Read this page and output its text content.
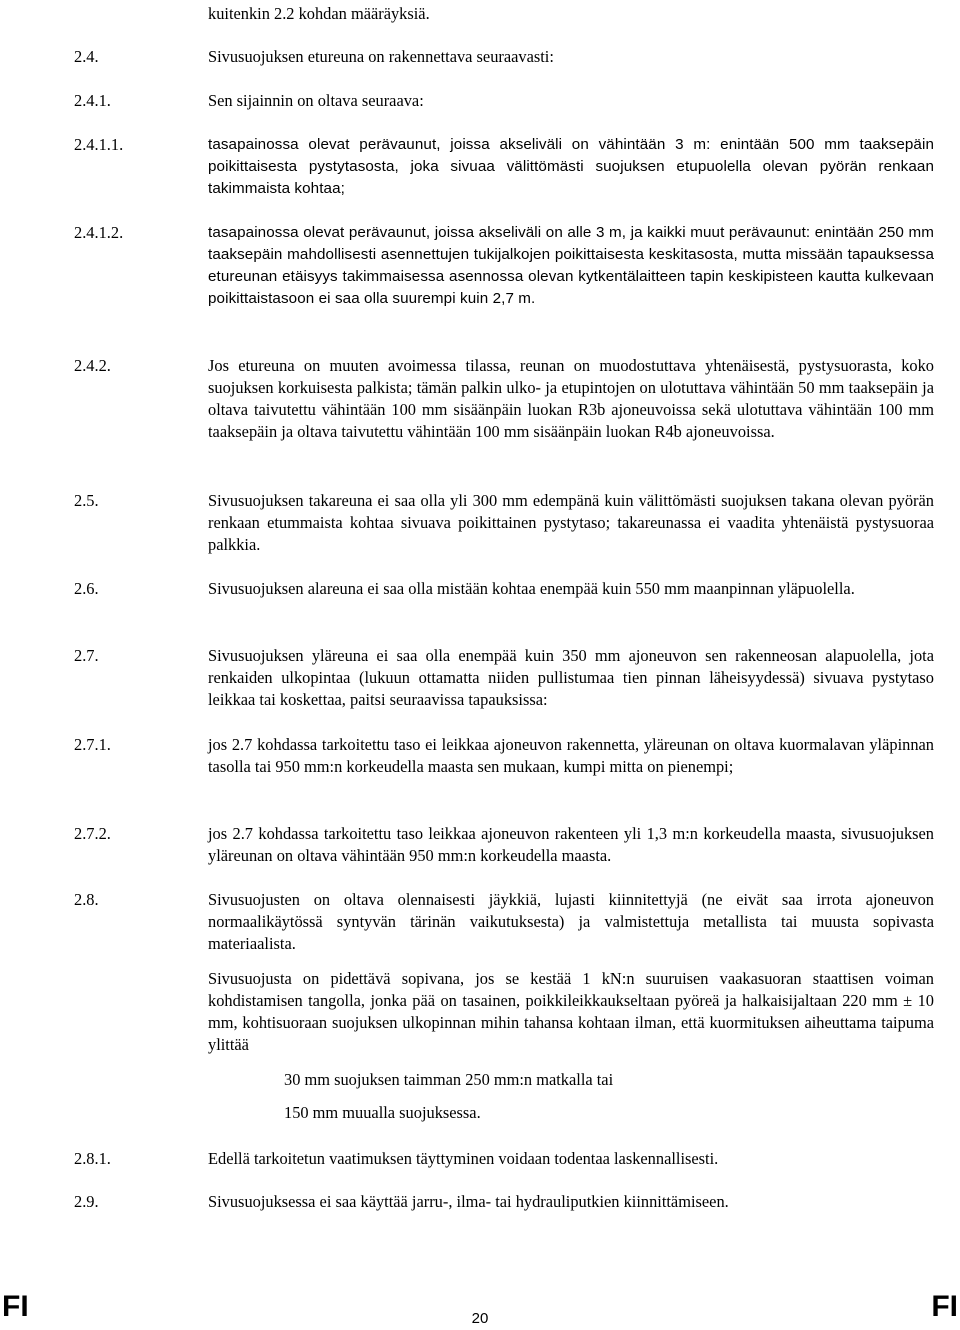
kuitenkin 2.2 kohdan määräyksiä.
2.4.	Sivusuojuksen etureuna on rakennettava seuraavasti:
2.4.1.	Sen sijainnin on oltava seuraava:
2.4.1.1.	tasapainossa olevat perävaunut, joissa akseliväli on vähintään 3 m: enintään 500 mm taaksepäin poikittaisesta pystytasosta, joka sivuaa välittömästi suojuksen etupuolella olevan pyörän renkaan takimmaista kohtaa;
2.4.1.2.	tasapainossa olevat perävaunut, joissa akseliväli on alle 3 m, ja kaikki muut perävaunut: enintään 250 mm taaksepäin mahdollisesti asennettujen tukijalkojen poikittaisesta keskitasosta, mutta missään tapauksessa etureunan etäisyys takimmaisessa asennossa olevan kytkentälaitteen tapin keskipisteen kautta kulkevaan poikittaistasoon ei saa olla suurempi kuin 2,7 m.
2.4.2.	Jos etureuna on muuten avoimessa tilassa, reunan on muodostuttava yhtenäisestä, pystysuorasta, koko suojuksen korkuisesta palkista; tämän palkin ulko- ja etupintojen on ulotuttava vähintään 50 mm taaksepäin ja oltava taivutettu vähintään 100 mm sisäänpäin luokan R3b ajoneuvoissa sekä ulotuttava vähintään 100 mm taaksepäin ja oltava taivutettu vähintään 100 mm sisäänpäin luokan R4b ajoneuvoissa.
2.5.	Sivusuojuksen takareuna ei saa olla yli 300 mm edempänä kuin välittömästi suojuksen takana olevan pyörän renkaan etummaista kohtaa sivuava poikittainen pystytaso; takareunassa ei vaadita yhtenäistä pystysuoraa palkkia.
2.6.	Sivusuojuksen alareuna ei saa olla mistään kohtaa enempää kuin 550 mm maanpinnan yläpuolella.
2.7.	Sivusuojuksen yläreuna ei saa olla enempää kuin 350 mm ajoneuvon sen rakenneosan alapuolella, jota renkaiden ulkopintaa (lukuun ottamatta niiden pullistumaa tien pinnan läheisyydessä) sivuava pystytaso leikkaa tai koskettaa, paitsi seuraavissa tapauksissa:
2.7.1.	jos 2.7 kohdassa tarkoitettu taso ei leikkaa ajoneuvon rakennetta, yläreunan on oltava kuormalavan yläpinnan tasolla tai 950 mm:n korkeudella maasta sen mukaan, kumpi mitta on pienempi;
2.7.2.	jos 2.7 kohdassa tarkoitettu taso leikkaa ajoneuvon rakenteen yli 1,3 m:n korkeudella maasta, sivusuojuksen yläreunan on oltava vähintään 950 mm:n korkeudella maasta.
2.8.	Sivusuojusten on oltava olennaisesti jäykkiä, lujasti kiinnitettyjä (ne eivät saa irrota ajoneuvon normaalikäytössä syntyvän tärinän vaikutuksesta) ja valmistettuja metallista tai muusta sopivasta materiaalista.
Sivusuojusta on pidettävä sopivana, jos se kestää 1 kN:n suuruisen vaakasuoran staattisen voiman kohdistamisen tangolla, jonka pää on tasainen, poikkileikkaukseltaan pyöreä ja halkaisijaltaan 220 mm ± 10 mm, kohtisuoraan suojuksen ulkopinnan mihin tahansa kohtaan ilman, että kuormituksen aiheuttama taipuma ylittää
30 mm suojuksen taimman 250 mm:n matkalla tai
150 mm muualla suojuksessa.
2.8.1.	Edellä tarkoitetun vaatimuksen täyttyminen voidaan todentaa laskennallisesti.
2.9.	Sivusuojuksessa ei saa käyttää jarru-, ilma- tai hydrauliputkien kiinnittämiseen.
FI	20	FI
